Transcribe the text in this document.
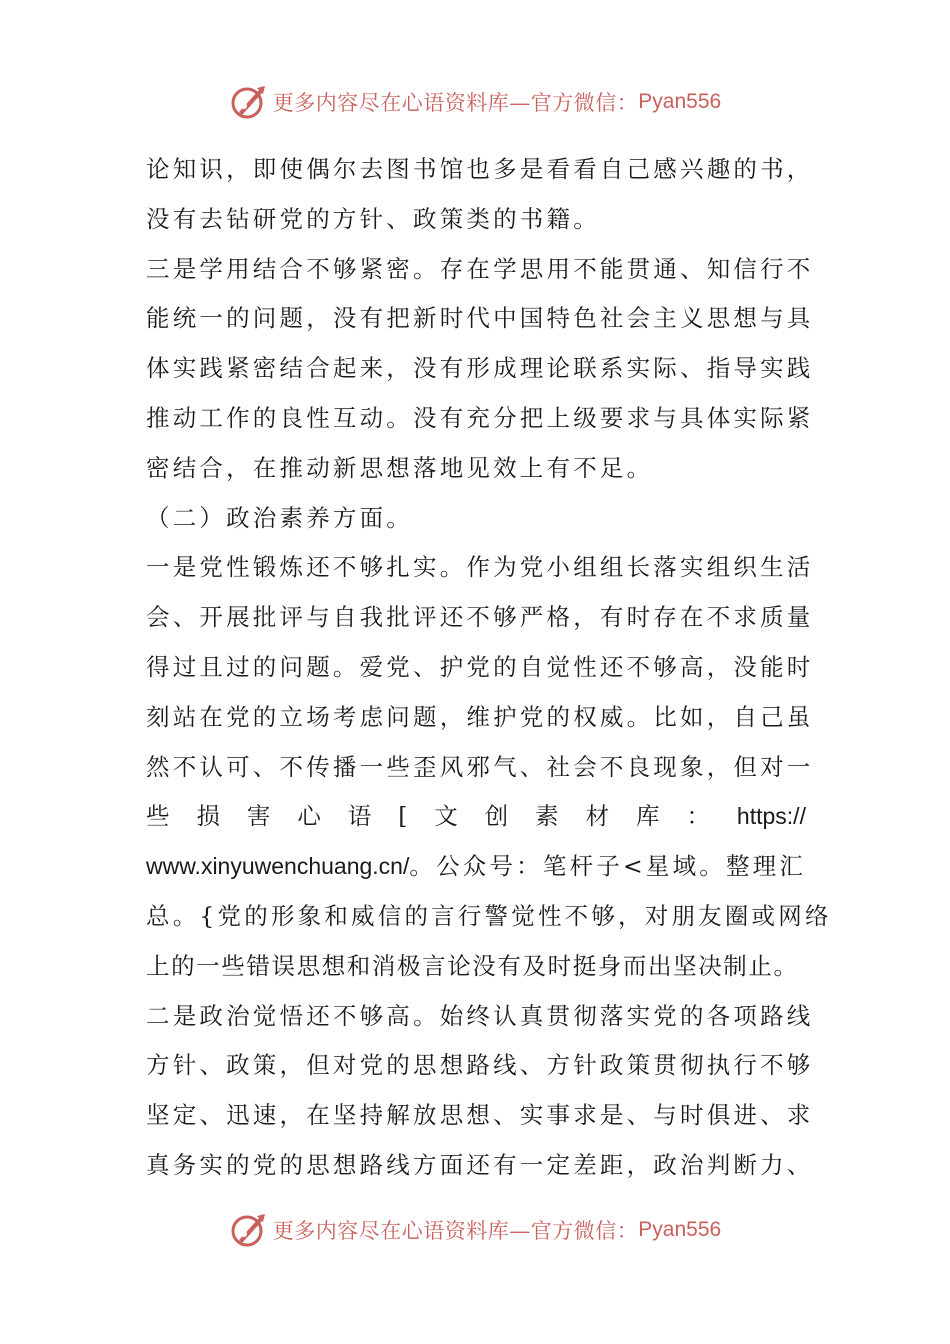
更多内容尽在心语资料库—官方微信： Pyan556
论知识，即使偶尔去图书馆也多是看看自己感兴趣的书，
没有去钻研党的方针、政策类的书籍。
三是学用结合不够紧密。存在学思用不能贯通、知信行不
能统一的问题，没有把新时代中国特色社会主义思想与具
体实践紧密结合起来，没有形成理论联系实际、指导实践
推动工作的良性互动。没有充分把上级要求与具体实际紧
密结合，在推动新思想落地见效上有不足。
（二）政治素养方面。
一是党性锻炼还不够扎实。作为党小组组长落实组织生活
会、开展批评与自我批评还不够严格，有时存在不求质量
得过且过的问题。爱党、护党的自觉性还不够高，没能时
刻站在党的立场考虑问题，维护党的权威。比如，自己虽
然不认可、不传播一些歪风邪气、社会不良现象，但对一
些 损 害 心 语 [ 文 创 素 材 库 ： https://
www.xinyuwenchuang.cn/。公众号：笔杆子<星域。整理汇
总。{党的形象和威信的言行警觉性不够，对朋友圈或网络
上的一些错误思想和消极言论没有及时挺身而出坚决制止。
二是政治觉悟还不够高。始终认真贯彻落实党的各项路线
方针、政策，但对党的思想路线、方针政策贯彻执行不够
坚定、迅速，在坚持解放思想、实事求是、与时俱进、求
真务实的党的思想路线方面还有一定差距，政治判断力、
更多内容尽在心语资料库—官方微信： Pyan556
